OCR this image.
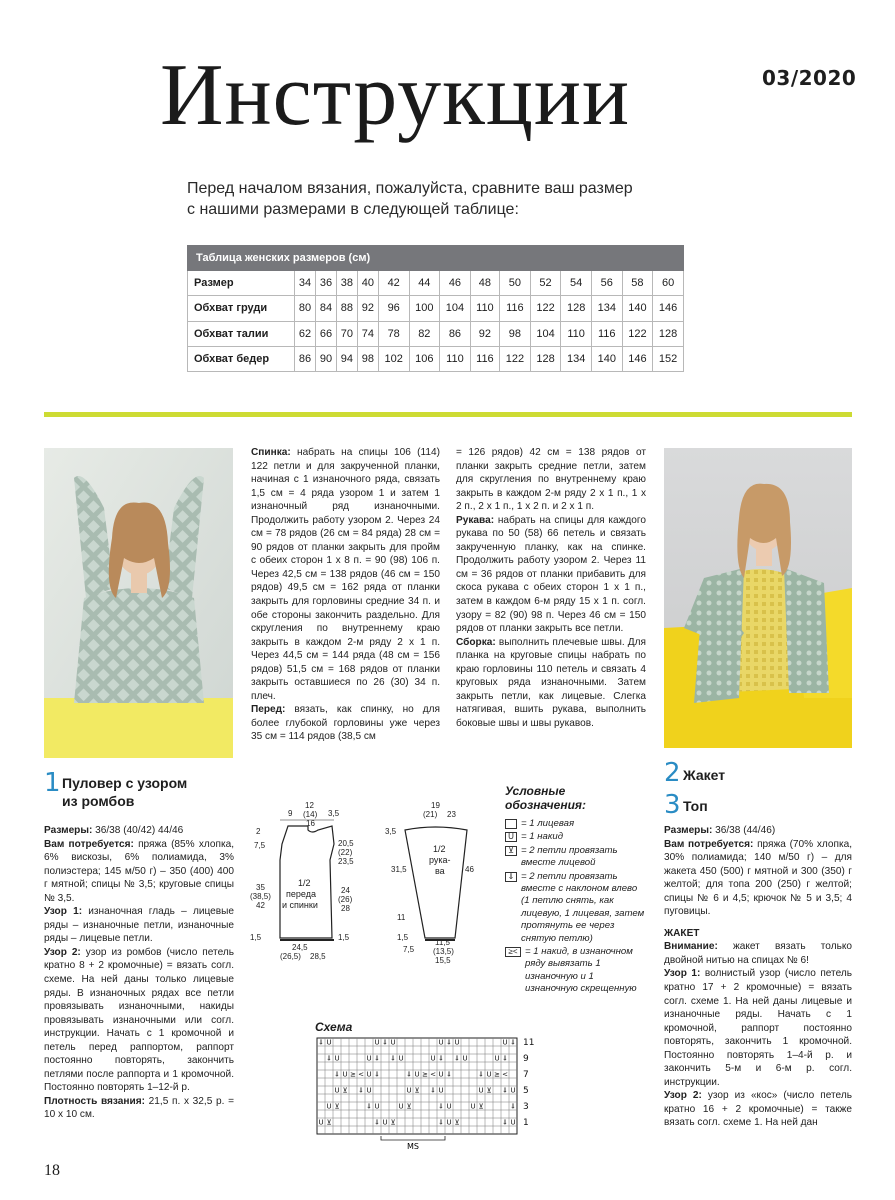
Инструкции	03/2020
Перед началом вязания, пожалуйста, сравните ваш размер
с нашими размерами в следующей таблице:
Таблица женских размеров (см)														
Размер	34	36	38	40	42	44	46	48	50	52	54	56	58	60
Обхват груди	80	84	88	92	96	100	104	110	116	122	128	134	140	146
Обхват талии	62	66	70	74	78	82	86	92	98	104	110	116	122	128
Обхват бедер	86	90	94	98	102	106	110	116	122	128	134	140	146	152
1 Пуловер с узором
из ромбов

Размеры: 36/38 (40/42) 44/46

Вам потребуется: пряжа (85% хлопка, 6% вискозы, 6% полиамида, 3% полиэстера; 145 м/50 г) – 350 (400) 400 г мятной; спицы № 3,5; круговые спицы № 3,5.

Узор 1: изнаночная гладь – лицевые ряды – изнаночные петли, изнаночные ряды – лицевые петли.

Узор 2: узор из ромбов (число петель кратно 8 + 2 кромочные) = вязать согл. схеме. На ней даны только лицевые ряды. В изнаночных рядах все петли провязывать изнаночными, накиды провязывать изнаночными или согл. инструкции. Начать с 1 кромочной и петель перед раппортом, раппорт постоянно повторять, закончить петлями после раппорта и 1 кромочной. Постоянно повторять 1–12-й р.

Плотность вязания: 21,5 п. х 32,5 р. = 10 х 10 см.

Спинка: набрать на спицы 106 (114) 122 петли и для закрученной планки, начиная с 1 изнаночного ряда, связать 1,5 см = 4 ряда узором 1 и затем 1 изнаночный ряд изнаночными. Продолжить работу узором 2. Через 24 см = 78 рядов (26 см = 84 ряда) 28 см = 90 рядов от планки закрыть для пройм с обеих сторон 1 х 8 п. = 90 (98) 106 п. Через 42,5 см = 138 рядов (46 см = 150 рядов) 49,5 см = 162 ряда от планки закрыть для горловины средние 34 п. и обе стороны закончить раздельно. Для скругления по внутреннему краю закрыть в каждом 2-м ряду 2 х 1 п. Через 44,5 см = 144 ряда (48 см = 156 рядов) 51,5 см = 168 рядов от планки закрыть оставшиеся по 26 (30) 34 п. плеч.

Перед: вязать, как спинку, но для более глубокой горловины уже через 35 см = 114 рядов (38,5 см

= 126 рядов) 42 см = 138 рядов от планки закрыть средние петли, затем для скругления по внутреннему краю закрыть в каждом 2-м ряду 2 х 1 п., 1 х 2 п., 2 х 1 п., 1 х 2 п. и 2 х 1 п.

Рукава: набрать на спицы для каждого рукава по 50 (58) 66 петель и связать закрученную планку, как на спинке. Продолжить работу узором 2. Через 11 см = 36 рядов от планки прибавить для скоса рукава с обеих сторон 1 х 1 п., затем в каждом 6-м ряду 15 х 1 п. согл. узору = 82 (90) 98 п. Через 46 см = 150 рядов от планки закрыть все петли.

Сборка: выполнить плечевые швы. Для планка на круговые спицы набрать по краю горловины 110 петель и связать 4 круговых ряда изнаночными. Затем закрыть петли, как лицевые. Слегка натягивая, вшить рукава, выполнить боковые швы и швы рукавов.

9
12
(14)
16
3,5
2
7,5
35
(38,5)
42
1,5
20,5
(22)
23,5
24
(26)
28
1,5
24,5
(26,5) 28,5
1/2
переда
и спинки
19
(21) 23
3,5
31,5
11
46
1,5
7,5
11,5
(13,5)
15,5
1/2
рука-
ва
Условные
обозначения:
= 1 лицевая
U = 1 накид
⊻ = 2 петли провязать вместе лицевой
⇓ = 2 петли провязать вместе с наклоном влево (1 петлю снять, как лицевую, 1 лицевая, затем протянуть ее через снятую петлю)
≥< = 1 накид, в изнаночном ряду вывязать 1 изнаночную и 1 изнаночную скрещенную
Схема
⇓ U	U ⇓ U	U ⇓ U	U ⇓
⇓ U	U ⇓ ⇓ U	U ⇓ ⇓ U	U ⇓
⇓ U ≥ < U ⇓	⇓ U ≥ < U ⇓	⇓ U ≥ <
U ⊻ ⇓ U	U ⊻ ⇓ U	U ⊻ ⇓ U
U ⊻	⇓ U	U ⊻	⇓ U	U ⊻	⇓
U ⊻	⇓ U ⊻	⇓ U ⊻	⇓ U
11
9
7
5
3
1
MS
2 Жакет
3 Топ

Размеры: 36/38 (44/46)

Вам потребуется: пряжа (70% хлопка, 30% полиамида; 140 м/50 г) – для жакета 450 (500) г мятной и 300 (350) г желтой; для топа 200 (250) г желтой; спицы № 6 и 4,5; крючок № 5 и 3,5; 4 пуговицы.

ЖАКЕТ

Внимание: жакет вязать только двойной нитью на спицах № 6!

Узор 1: волнистый узор (число петель кратно 17 + 2 кромочные) = вязать согл. схеме 1. На ней даны лицевые и изнаночные ряды. Начать с 1 кромочной, раппорт постоянно повторять, закончить 1 кромочной. Постоянно повторять 1–4-й р. и закончить 5-м и 6-м р. согл. инструкции.

Узор 2: узор из «кос» (число петель кратно 16 + 2 кромочные) = также вязать согл. схеме 1. На ней дан

18
